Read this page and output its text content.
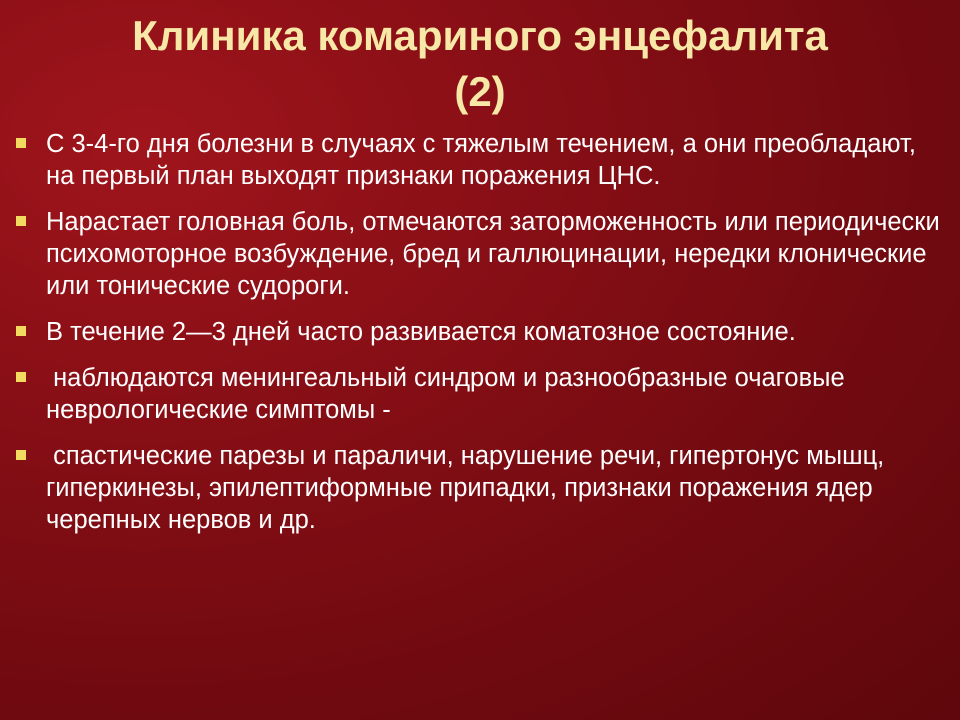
Клиника комариного энцефалита
(2)
С 3-4-го дня болезни в случаях с тяжелым течением, а они преобладают, на первый план выходят признаки поражения ЦНС.
Нарастает головная боль, отмечаются заторможенность или периодически психомоторное возбуждение, бред и галлюцинации, нередки клонические или тонические судороги.
В течение 2—3 дней часто развивается коматозное состояние.
наблюдаются менингеальный синдром и разнообразные очаговые неврологические симптомы -
спастические парезы и параличи, нарушение речи, гипертонус мышц, гиперкинезы, эпилептиформные припадки, признаки поражения ядер черепных нервов и др.
